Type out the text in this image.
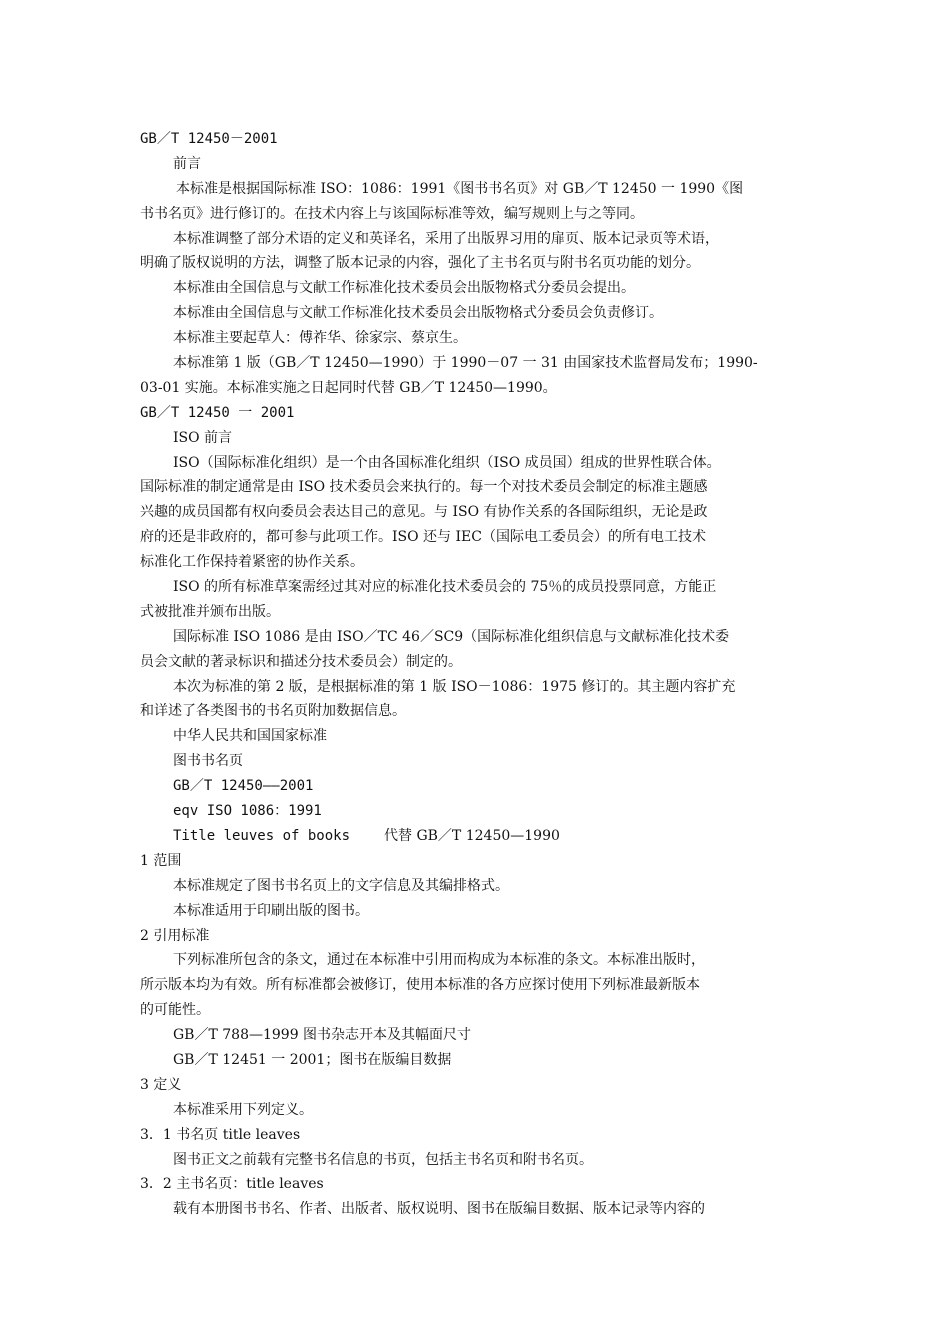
GB／T 12450－2001
前言
本标准是根据国际标准 ISO：1086：1991《图书书名页》对 GB／T 12450 一 1990《图
书书名页》进行修订的。在技术内容上与该国际标准等效，编写规则上与之等同。
本标准调整了部分术语的定义和英译名，采用了出版界习用的扉页、版本记录页等术语，
明确了版权说明的方法，调整了版本记录的内容，强化了主书名页与附书名页功能的划分。
本标准由全国信息与文献工作标准化技术委员会出版物格式分委员会提出。
本标准由全国信息与文献工作标准化技术委员会出版物格式分委员会负责修订。
本标准主要起草人：傅祚华、徐家宗、蔡京生。
本标准第 1 版（GB／T 12450—1990）于 1990－07 一 31 由国家技术监督局发布；1990-
03-01 实施。本标准实施之日起同时代替 GB／T 12450—1990。
GB／T 12450 一 2001
ISO 前言
ISO（国际标准化组织）是一个由各国标准化组织（ISO 成员国）组成的世界性联合体。
国际标准的制定通常是由 ISO 技术委员会来执行的。每一个对技术委员会制定的标准主题感
兴趣的成员国都有权向委员会表达目己的意见。与 ISO 有协作关系的各国际组织，无论是政
府的还是非政府的，都可参与此项工作。ISO 还与 IEC（国际电工委员会）的所有电工技术
标准化工作保持着紧密的协作关系。
ISO 的所有标准草案需经过其对应的标准化技术委员会的 75％的成员投票同意，方能正
式被批准并颁布出版。
国际标准 ISO 1086 是由 ISO／TC 46／SC9（国际标准化组织信息与文献标准化技术委
员会文献的著录标识和描述分技术委员会）制定的。
本次为标准的第 2 版，是根据标准的第 1 版 ISO－1086：1975 修订的。其主题内容扩充
和详述了各类图书的书名页附加数据信息。
中华人民共和国国家标准
图书书名页
GB／T 12450——2001
eqv ISO 1086：1991
Title leuves of books 代替 GB／T 12450—1990
1 范围
本标准规定了图书书名页上的文字信息及其编排格式。
本标准适用于印刷出版的图书。
2 引用标准
下列标准所包含的条文，通过在本标准中引用而构成为本标准的条文。本标准出版时，
所示版本均为有效。所有标准都会被修订，使用本标准的各方应探讨使用下列标准最新版本
的可能性。
GB／T 788—1999 图书杂志开本及其幅面尺寸
GB／T 12451 一 2001；图书在版编目数据
3 定义
本标准采用下列定义。
3．1 书名页 title leaves
图书正文之前载有完整书名信息的书页，包括主书名页和附书名页。
3．2 主书名页：title leaves
载有本册图书书名、作者、出版者、版权说明、图书在版编目数据、版本记录等内容的
